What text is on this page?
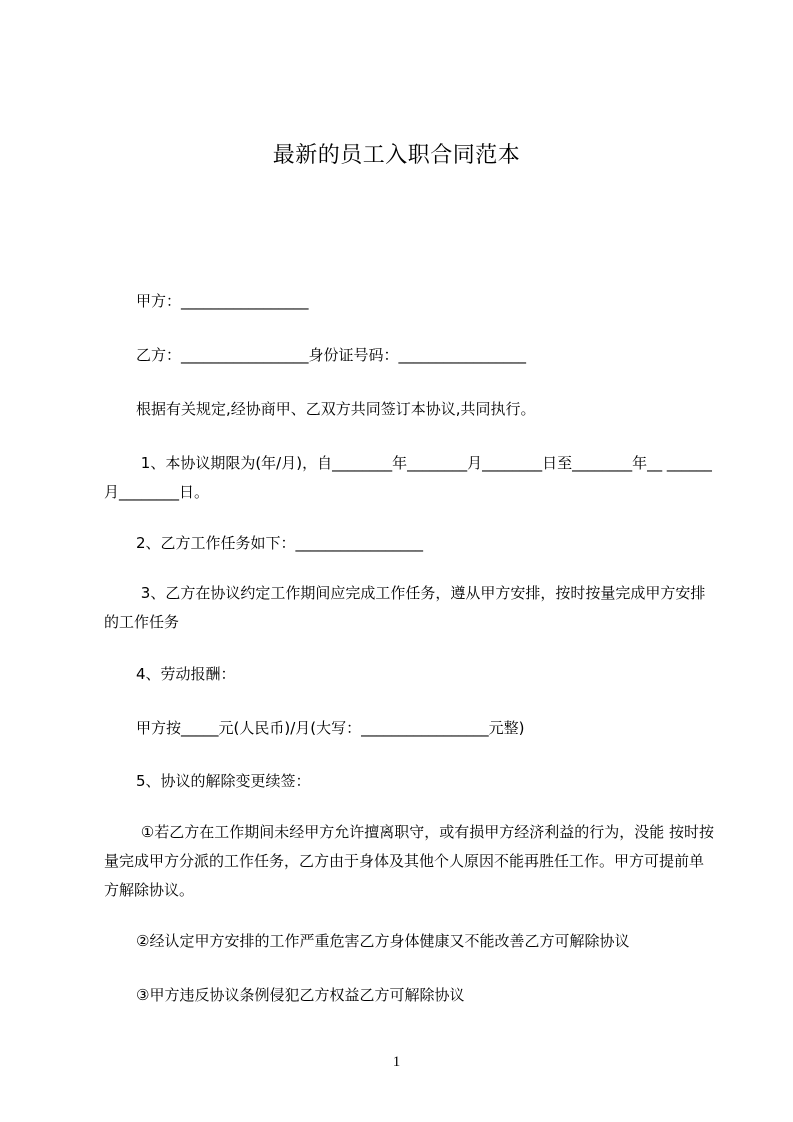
最新的员工入职合同范本
甲方：_________________
乙方：_________________身份证号码：_________________
根据有关规定,经协商甲、乙双方共同签订本协议,共同执行。
1、本协议期限为(年/月)，自________年________月________日至________年__ ______月________日。
2、乙方工作任务如下：_________________
3、乙方在协议约定工作期间应完成工作任务，遵从甲方安排，按时按量完成甲方安排的工作任务
4、劳动报酬：
甲方按_____元(人民币)/月(大写：_________________元整)
5、协议的解除变更续签：
①若乙方在工作期间未经甲方允许擅离职守，或有损甲方经济利益的行为，没能 按时按量完成甲方分派的工作任务，乙方由于身体及其他个人原因不能再胜任工作。甲方可提前单方解除协议。
②经认定甲方安排的工作严重危害乙方身体健康又不能改善乙方可解除协议
③甲方违反协议条例侵犯乙方权益乙方可解除协议
1
